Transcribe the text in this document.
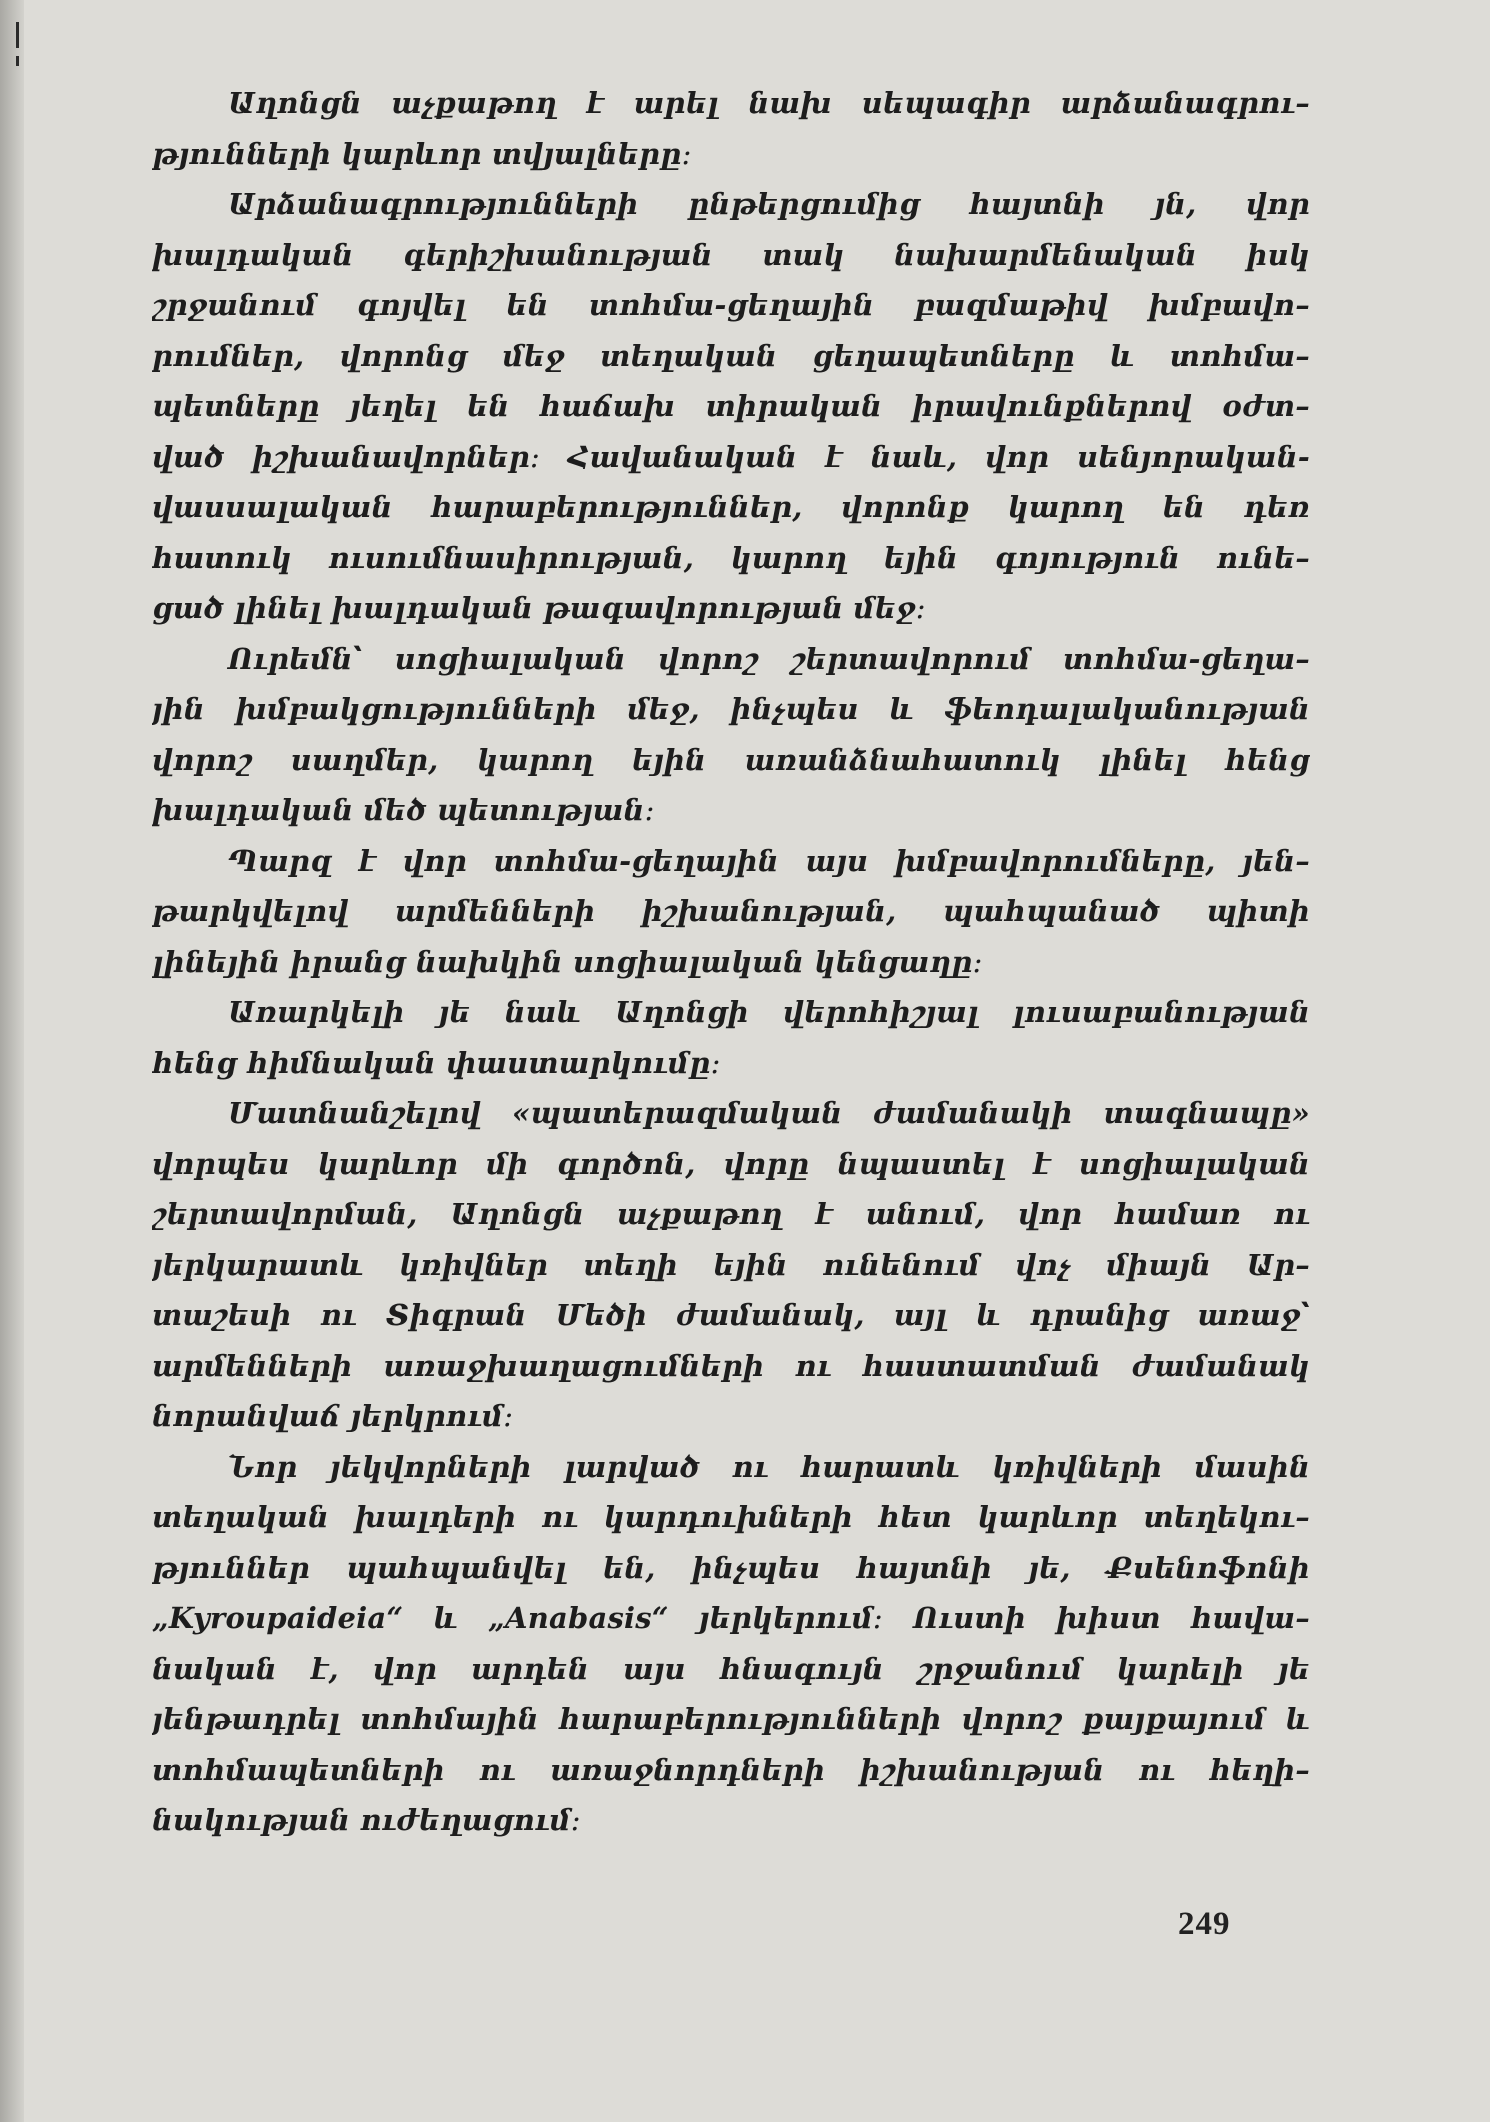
Աղոնցն աչքաթող է արել նախ սեպագիր արձանագրու–
թյունների կարևոր տվյալները։
Արձանագրությունների ընթերցումից հայտնի յն, վոր
խալդական գերիշխանության տակ նախարմենական իսկ
շրջանում գոյվել են տոհմա-ցեղային բազմաթիվ խմբավո–
րումներ, վորոնց մեջ տեղական ցեղապետները և տոհմա–
պետները յեղել են հաճախ տիրական իրավունքներով օժտ–
ված իշխանավորներ։ Հավանական է նաև, վոր սենյորական-
վասսալական հարաբերություններ, վորոնք կարող են դեռ
հատուկ ուսումնասիրության, կարող եյին գոյություն ունե–
ցած լինել խալդական թագավորության մեջ։
Ուրեմն՝ սոցիալական վորոշ շերտավորում տոհմա-ցեղա–
յին խմբակցությունների մեջ, ինչպես և ֆեոդալականության
վորոշ սաղմեր, կարող եյին առանձնահատուկ լինել հենց
խալդական մեծ պետության։
Պարզ է վոր տոհմա-ցեղային այս խմբավորումները, յեն–
թարկվելով արմենների իշխանության, պահպանած պիտի
լինեյին իրանց նախկին սոցիալական կենցաղը։
Առարկելի յե նաև Աղոնցի վերոհիշյալ լուսաբանության
հենց հիմնական փաստարկումը։
Մատնանշելով «պատերազմական ժամանակի տագնապը»
վորպես կարևոր մի գործոն, վորը նպաստել է սոցիալական
շերտավորման, Աղոնցն աչքաթող է անում, վոր համառ ու
յերկարատև կռիվներ տեղի եյին ունենում վոչ միայն Ար–
տաշեսի ու Տիգրան Մեծի ժամանակ, այլ և դրանից առաջ՝
արմենների առաջխաղացումների ու հաստատման ժամանակ
նորանվաճ յերկրում։
Նոր յեկվորների լարված ու հարատև կռիվների մասին
տեղական խալդերի ու կարդուխների հետ կարևոր տեղեկու–
թյուններ պահպանվել են, ինչպես հայտնի յե, Քսենոֆոնի
„Kyroupaideia“ և „Anabasis“ յերկերում։ Ուստի խիստ հավա–
նական է, վոր արդեն այս հնագույն շրջանում կարելի յե
յենթադրել տոհմային հարաբերությունների վորոշ քայքայում և
տոհմապետների ու առաջնորդների իշխանության ու հեղի–
նակության ուժեղացում։
249
